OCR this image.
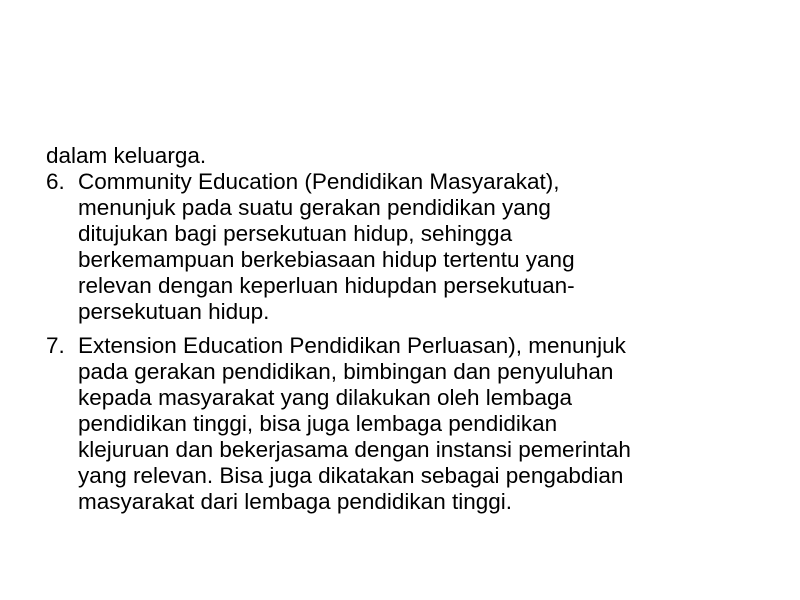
dalam keluarga.
6. Community Education (Pendidikan Masyarakat),
menunjuk pada suatu gerakan pendidikan yang
ditujukan bagi persekutuan hidup, sehingga
berkemampuan berkebiasaan hidup tertentu yang
relevan dengan keperluan hidupdan persekutuan-
persekutuan hidup.
7. Extension Education Pendidikan Perluasan), menunjuk
pada gerakan pendidikan, bimbingan dan penyuluhan
kepada masyarakat yang dilakukan oleh lembaga
pendidikan tinggi, bisa juga lembaga pendidikan
klejuruan dan bekerjasama dengan instansi pemerintah
yang relevan. Bisa juga dikatakan sebagai pengabdian
masyarakat dari lembaga pendidikan tinggi.
